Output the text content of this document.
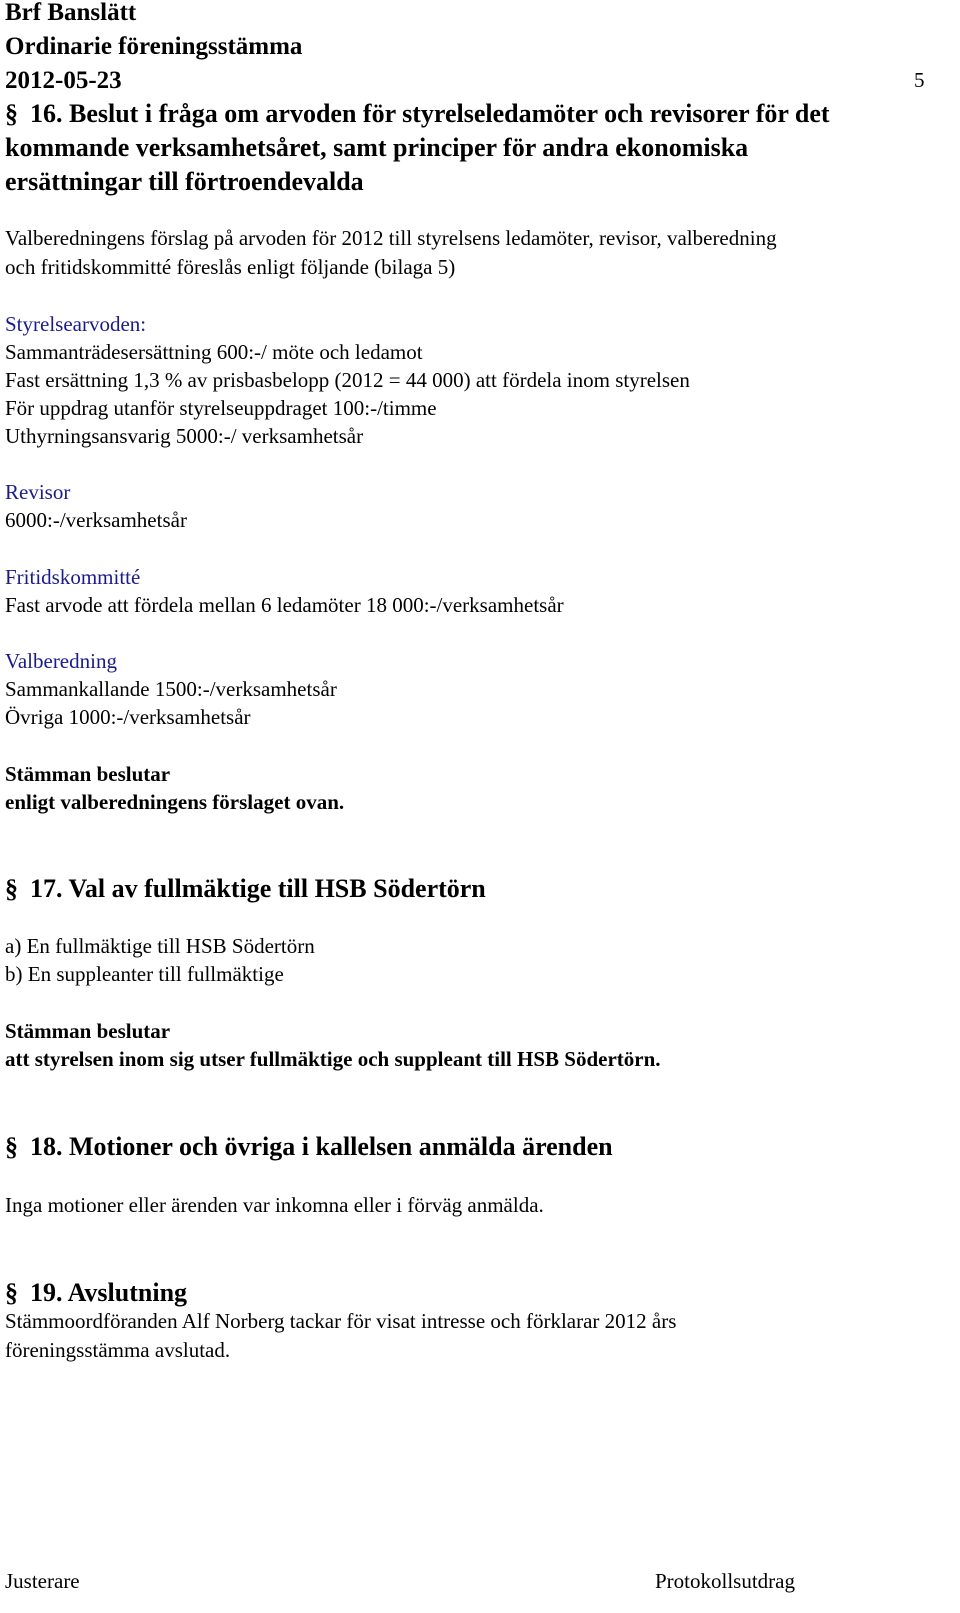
Brf Banslätt
Ordinarie föreningsstämma
2012-05-23	5
§ 16. Beslut i fråga om arvoden för styrelseledamöter och revisorer för det
kommande verksamhetsåret, samt principer för andra ekonomiska
ersättningar till förtroendevalda
Valberedningens förslag på arvoden för 2012 till styrelsens ledamöter, revisor, valberedning
och fritidskommitté föreslås enligt följande (bilaga 5)
Styrelsearvoden:
Sammanträdesersättning 600:-/ möte och ledamot
Fast ersättning 1,3 % av prisbasbelopp (2012 = 44 000) att fördela inom styrelsen
För uppdrag utanför styrelseuppdraget 100:-/timme
Uthyrningsansvarig 5000:-/ verksamhetsår
Revisor
6000:-/verksamhetsår
Fritidskommitté
Fast arvode att fördela mellan 6 ledamöter 18 000:-/verksamhetsår
Valberedning
Sammankallande 1500:-/verksamhetsår
Övriga 1000:-/verksamhetsår
Stämman beslutar
enligt valberedningens förslaget ovan.
§ 17. Val av fullmäktige till HSB Södertörn
a) En fullmäktige till HSB Södertörn
b) En suppleanter till fullmäktige
Stämman beslutar
att styrelsen inom sig utser fullmäktige och suppleant till HSB Södertörn.
§ 18. Motioner och övriga i kallelsen anmälda ärenden
Inga motioner eller ärenden var inkomna eller i förväg anmälda.
§ 19. Avslutning
Stämmoordföranden Alf Norberg tackar för visat intresse och förklarar 2012 års
föreningsstämma avslutad.
Justerare	Protokollsutdrag
